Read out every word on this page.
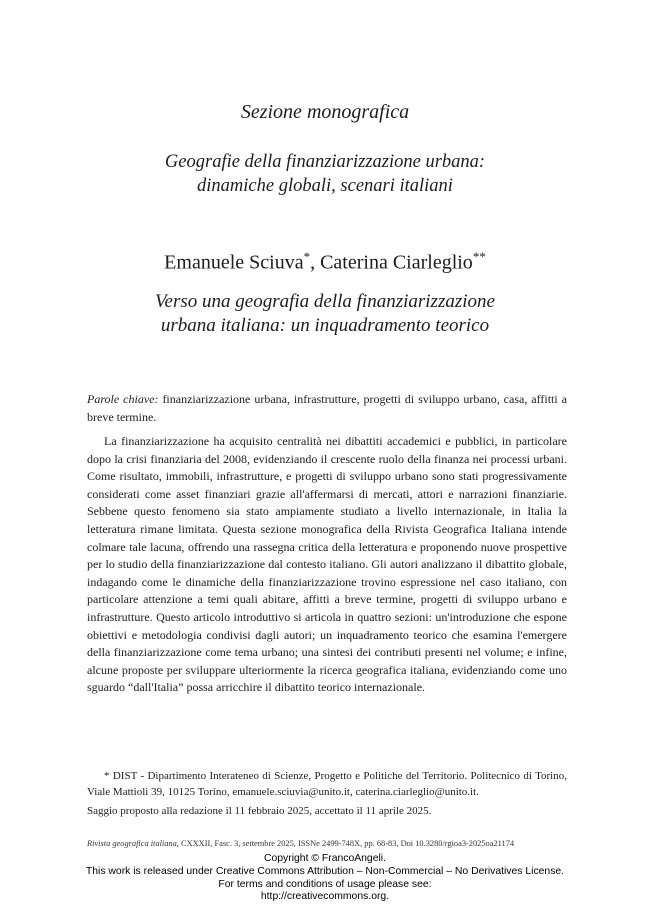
Sezione monografica
Geografie della finanziarizzazione urbana:
dinamiche globali, scenari italiani
Emanuele Sciuva*, Caterina Ciarleglio**
Verso una geografia della finanziarizzazione
urbana italiana: un inquadramento teorico
Parole chiave: finanziarizzazione urbana, infrastrutture, progetti di sviluppo urbano, casa, affitti a breve termine.

La finanziarizzazione ha acquisito centralità nei dibattiti accademici e pubblici, in particolare dopo la crisi finanziaria del 2008, evidenziando il crescente ruolo della finanza nei processi urbani. Come risultato, immobili, infrastrutture, e progetti di sviluppo urbano sono stati progressivamente considerati come asset finanziari grazie all'affermarsi di mercati, attori e narrazioni finanziarie. Sebbene questo fenomeno sia stato ampiamente studiato a livello internazionale, in Italia la letteratura rimane limitata. Questa sezione monografica della Rivista Geografica Italiana intende colmare tale lacuna, offrendo una rassegna critica della letteratura e proponendo nuove prospettive per lo studio della finanziarizzazione dal contesto italiano. Gli autori analizzano il dibattito globale, indagando come le dinamiche della finanziarizzazione trovino espressione nel caso italiano, con particolare attenzione a temi quali abitare, affitti a breve termine, progetti di sviluppo urbano e infrastrutture. Questo articolo introduttivo si articola in quattro sezioni: un'introduzione che espone obiettivi e metodologia condivisi dagli autori; un inquadramento teorico che esamina l'emergere della finanziarizzazione come tema urbano; una sintesi dei contributi presenti nel volume; e infine, alcune proposte per sviluppare ulteriormente la ricerca geografica italiana, evidenziando come uno sguardo “dall'Italia” possa arricchire il dibattito teorico internazionale.

* DIST - Dipartimento Interateneo di Scienze, Progetto e Politiche del Territorio. Politecnico di Torino, Viale Mattioli 39, 10125 Torino, emanuele.sciuvia@unito.it, caterina.ciarleglio@unito.it.

Saggio proposto alla redazione il 11 febbraio 2025, accettato il 11 aprile 2025.
Rivista geografica italiana, CXXXII, Fasc. 3, settembre 2025, ISSNe 2499-748X, pp. 68-83, Doi 10.3280/rgioa3-2025oa21174
Copyright © FrancoAngeli.
This work is released under Creative Commons Attribution – Non-Commercial – No Derivatives License.
For terms and conditions of usage please see:
http://creativecommons.org.
